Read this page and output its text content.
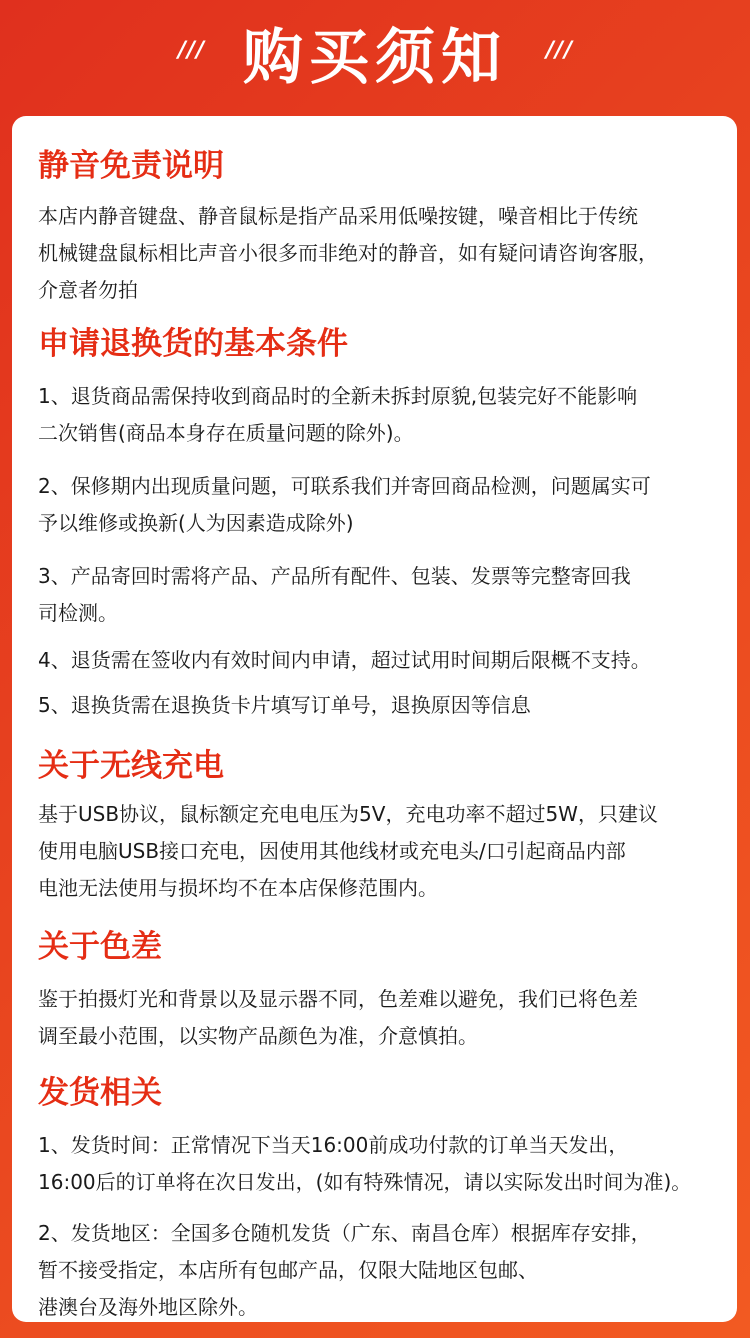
/// 购买须知	///
静音免责说明

本店内静音键盘、静音鼠标是指产品采用低噪按键，噪音相比于传统
机械键盘鼠标相比声音小很多而非绝对的静音，如有疑问请咨询客服，
介意者勿拍

申请退换货的基本条件

1、退货商品需保持收到商品时的全新未拆封原貌,包装完好不能影响
二次销售(商品本身存在质量问题的除外)。

2、保修期内出现质量问题，可联系我们并寄回商品检测，问题属实可
予以维修或换新(人为因素造成除外)

3、产品寄回时需将产品、产品所有配件、包装、发票等完整寄回我
司检测。

4、退货需在签收内有效时间内申请，超过试用时间期后限概不支持。

5、退换货需在退换货卡片填写订单号，退换原因等信息

关于无线充电

基于USB协议，鼠标额定充电电压为5V，充电功率不超过5W，只建议
使用电脑USB接口充电，因使用其他线材或充电头/口引起商品内部
电池无法使用与损坏均不在本店保修范围内。

关于色差

鉴于拍摄灯光和背景以及显示器不同，色差难以避免，我们已将色差
调至最小范围，以实物产品颜色为准，介意慎拍。

发货相关

1、发货时间：正常情况下当天16:00前成功付款的订单当天发出，
16:00后的订单将在次日发出，(如有特殊情况，请以实际发出时间为准)。

2、发货地区：全国多仓随机发货（广东、南昌仓库）根据库存安排，
暂不接受指定，本店所有包邮产品，仅限大陆地区包邮、
港澳台及海外地区除外。
